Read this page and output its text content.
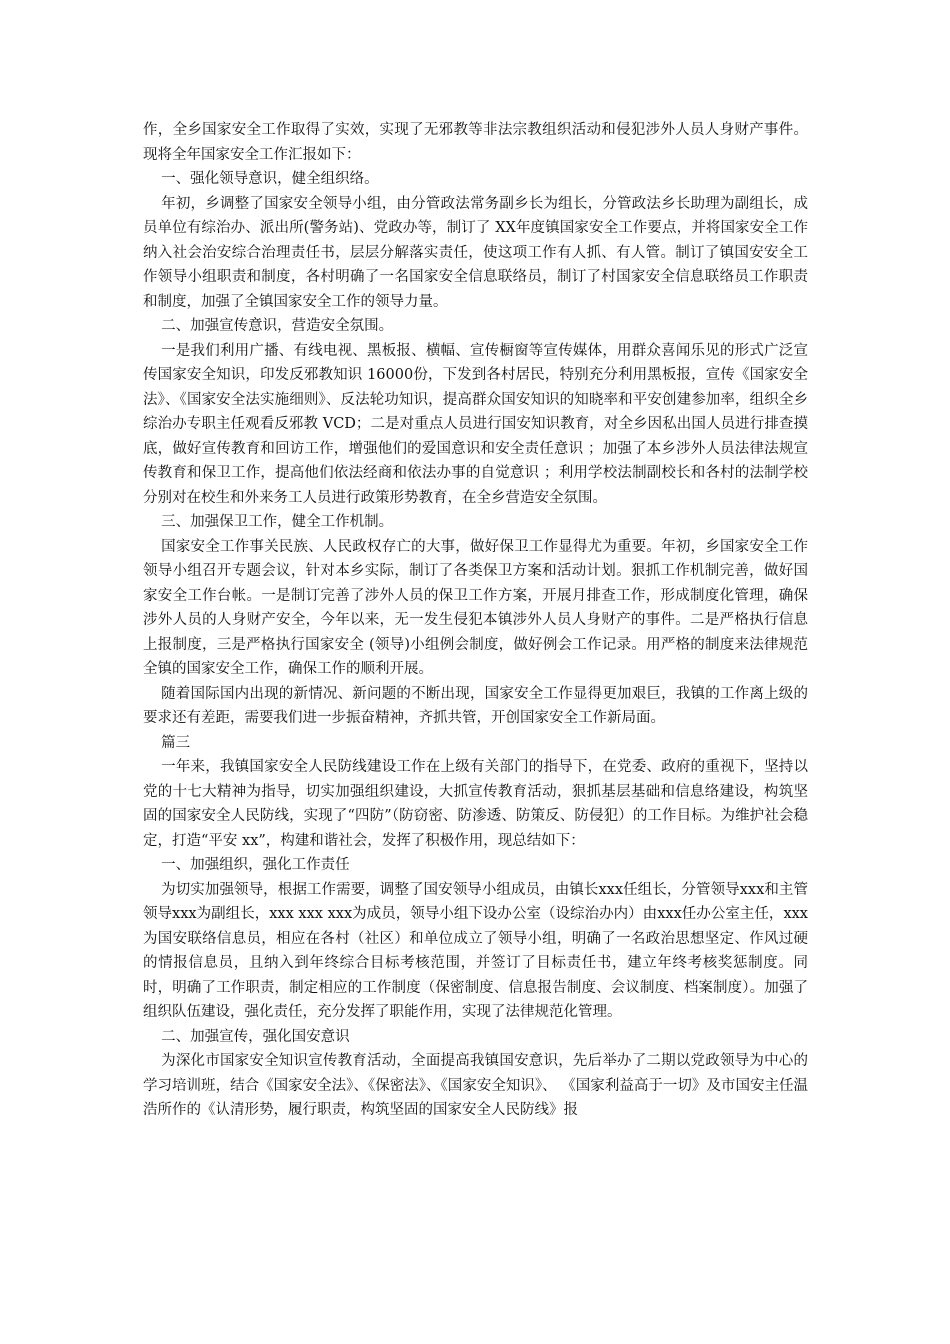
作，全乡国家安全工作取得了实效，实现了无邪教等非法宗教组织活动和侵犯涉外人员人身财产事件。现将全年国家安全工作汇报如下：

一、强化领导意识，健全组织络。

年初，乡调整了国家安全领导小组，由分管政法常务副乡长为组长，分管政法乡长助理为副组长，成员单位有综治办、派出所(警务站)、党政办等，制订了 XX年度镇国家安全工作要点，并将国家安全工作纳入社会治安综合治理责任书，层层分解落实责任，使这项工作有人抓、有人管。制订了镇国安安全工作领导小组职责和制度，各村明确了一名国家安全信息联络员，制订了村国家安全信息联络员工作职责和制度，加强了全镇国家安全工作的领导力量。

二、加强宣传意识，营造安全氛围。

一是我们利用广播、有线电视、黑板报、横幅、宣传橱窗等宣传媒体，用群众喜闻乐见的形式广泛宣传国家安全知识，印发反邪教知识 16000份，下发到各村居民，特别充分利用黑板报，宣传《国家安全法》、《国家安全法实施细则》、反法轮功知识，提高群众国安知识的知晓率和平安创建参加率，组织全乡综治办专职主任观看反邪教 VCD；二是对重点人员进行国安知识教育，对全乡因私出国人员进行排查摸底，做好宣传教育和回访工作，增强他们的爱国意识和安全责任意识 ；加强了本乡涉外人员法律法规宣传教育和保卫工作，提高他们依法经商和依法办事的自觉意识 ；利用学校法制副校长和各村的法制学校分别对在校生和外来务工人员进行政策形势教育，在全乡营造安全氛围。

三、加强保卫工作，健全工作机制。

国家安全工作事关民族、人民政权存亡的大事，做好保卫工作显得尤为重要。年初，乡国家安全工作领导小组召开专题会议，针对本乡实际，制订了各类保卫方案和活动计划。狠抓工作机制完善，做好国家安全工作台帐。一是制订完善了涉外人员的保卫工作方案，开展月排查工作，形成制度化管理，确保涉外人员的人身财产安全，今年以来，无一发生侵犯本镇涉外人员人身财产的事件。二是严格执行信息上报制度，三是严格执行国家安全 (领导)小组例会制度，做好例会工作记录。用严格的制度来法律规范全镇的国家安全工作，确保工作的顺利开展。

随着国际国内出现的新情况、新问题的不断出现，国家安全工作显得更加艰巨，我镇的工作离上级的要求还有差距，需要我们进一步振奋精神，齐抓共管，开创国家安全工作新局面。

篇三

一年来，我镇国家安全人民防线建设工作在上级有关部门的指导下，在党委、政府的重视下，坚持以党的十七大精神为指导，切实加强组织建设，大抓宣传教育活动，狠抓基层基础和信息络建设，构筑坚固的国家安全人民防线，实现了“四防”（防窃密、防渗透、防策反、防侵犯）的工作目标。为维护社会稳定，打造“平安 xx”，构建和谐社会，发挥了积极作用，现总结如下：

一、加强组织，强化工作责任

为切实加强领导，根据工作需要，调整了国安领导小组成员，由镇长xxx任组长，分管领导xxx和主管领导xxx为副组长，xxx xxx xxx为成员，领导小组下设办公室（设综治办内）由xxx任办公室主任，xxx为国安联络信息员，相应在各村（社区）和单位成立了领导小组，明确了一名政治思想坚定、作风过硬的情报信息员，且纳入到年终综合目标考核范围，并签订了目标责任书，建立年终考核奖惩制度。同时，明确了工作职责，制定相应的工作制度（保密制度、信息报告制度、会议制度、档案制度）。加强了组织队伍建设，强化责任，充分发挥了职能作用，实现了法律规范化管理。

二、加强宣传，强化国安意识

为深化市国家安全知识宣传教育活动，全面提高我镇国安意识，先后举办了二期以党政领导为中心的学习培训班，结合《国家安全法》、《保密法》、《国家安全知识》、 《国家利益高于一切》及市国安主任温浩所作的《认清形势，履行职责，构筑坚固的国家安全人民防线》报
